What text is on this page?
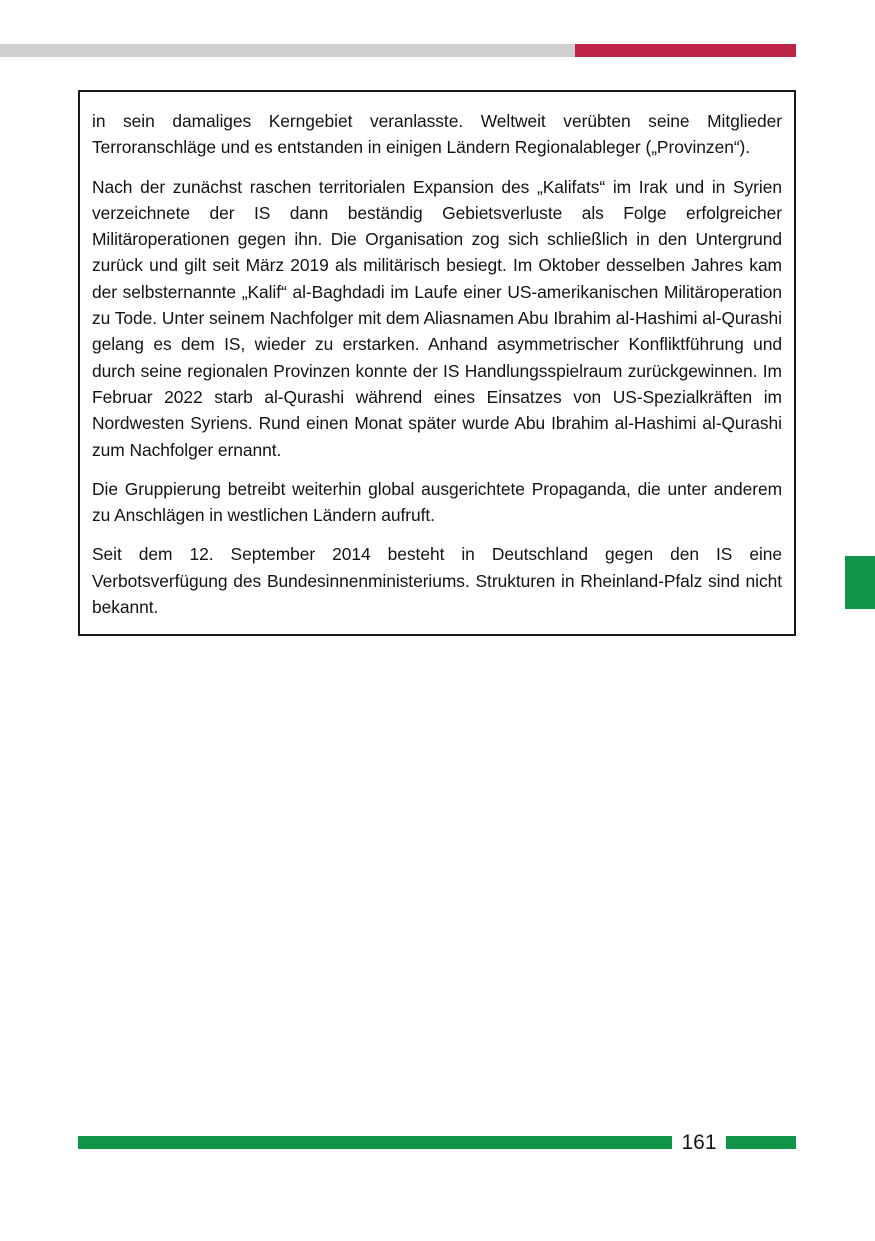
in sein damaliges Kerngebiet veranlasste. Weltweit verübten seine Mitglieder Terroranschläge und es entstanden in einigen Ländern Regionalableger („Provinzen“).

Nach der zunächst raschen territorialen Expansion des „Kalifats“ im Irak und in Syrien verzeichnete der IS dann beständig Gebietsverluste als Folge erfolgreicher Militäroperationen gegen ihn. Die Organisation zog sich schließlich in den Untergrund zurück und gilt seit März 2019 als militärisch besiegt. Im Oktober desselben Jahres kam der selbsternannte „Kalif“ al-Baghdadi im Laufe einer US-amerikanischen Militäroperation zu Tode. Unter seinem Nachfolger mit dem Aliasnamen Abu Ibrahim al-Hashimi al-Qurashi gelang es dem IS, wieder zu erstarken. Anhand asymmetrischer Konfliktführung und durch seine regionalen Provinzen konnte der IS Handlungsspielraum zurückgewinnen. Im Februar 2022 starb al-Qurashi während eines Einsatzes von US-Spezialkräften im Nordwesten Syriens. Rund einen Monat später wurde Abu Ibrahim al-Hashimi al-Qurashi zum Nachfolger ernannt.

Die Gruppierung betreibt weiterhin global ausgerichtete Propaganda, die unter anderem zu Anschlägen in westlichen Ländern aufruft.

Seit dem 12. September 2014 besteht in Deutschland gegen den IS eine Verbotsverfügung des Bundesinnenministeriums. Strukturen in Rheinland-Pfalz sind nicht bekannt.

161
